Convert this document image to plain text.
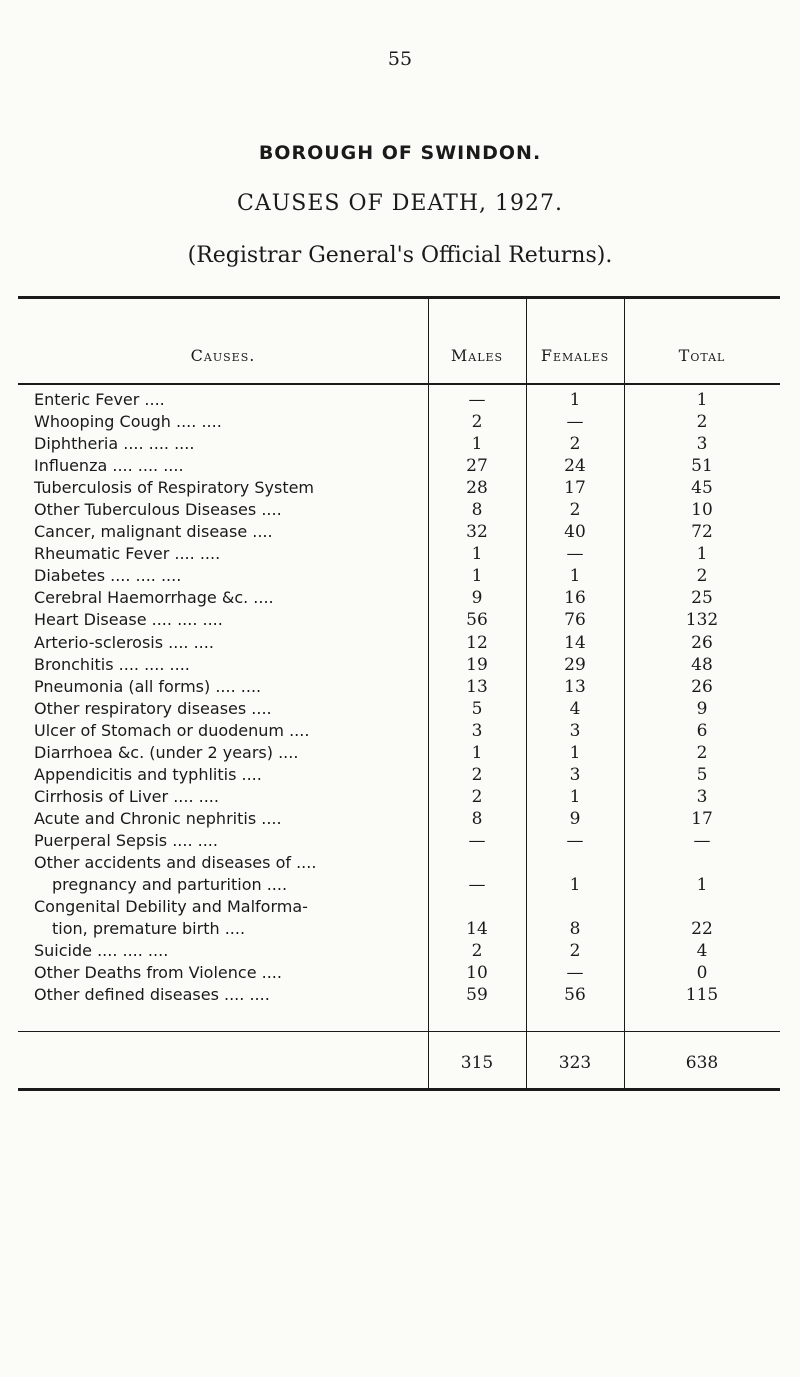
55
BOROUGH OF SWINDON.
CAUSES OF DEATH, 1927.
(Registrar General's Official Returns).
Causes.	Males	Females	Total
Enteric Fever ....	—	1	1
Whooping Cough .... ....	2	—	2
Diphtheria .... .... ....	1	2	3
Influenza .... .... ....	27	24	51
Tuberculosis of Respiratory System	28	17	45
Other Tuberculous Diseases ....	8	2	10
Cancer, malignant disease ....	32	40	72
Rheumatic Fever .... ....	1	—	1
Diabetes .... .... ....	1	1	2
Cerebral Haemorrhage &c. ....	9	16	25
Heart Disease .... .... ....	56	76	132
Arterio-sclerosis .... ....	12	14	26
Bronchitis .... .... ....	19	29	48
Pneumonia (all forms) .... ....	13	13	26
Other respiratory diseases ....	5	4	9
Ulcer of Stomach or duodenum ....	3	3	6
Diarrhoea &c. (under 2 years) ....	1	1	2
Appendicitis and typhlitis ....	2	3	5
Cirrhosis of Liver .... ....	2	1	3
Acute and Chronic nephritis ....	8	9	17
Puerperal Sepsis .... ....	—	—	—
Other accidents and diseases of ....
pregnancy and parturition ....	—	1	1
Congenital Debility and Malforma-
tion, premature birth ....	14	8	22
Suicide .... .... ....	2	2	4
Other Deaths from Violence ....	10	—	0
Other defined diseases .... ....	59	56	115
315	323	638
